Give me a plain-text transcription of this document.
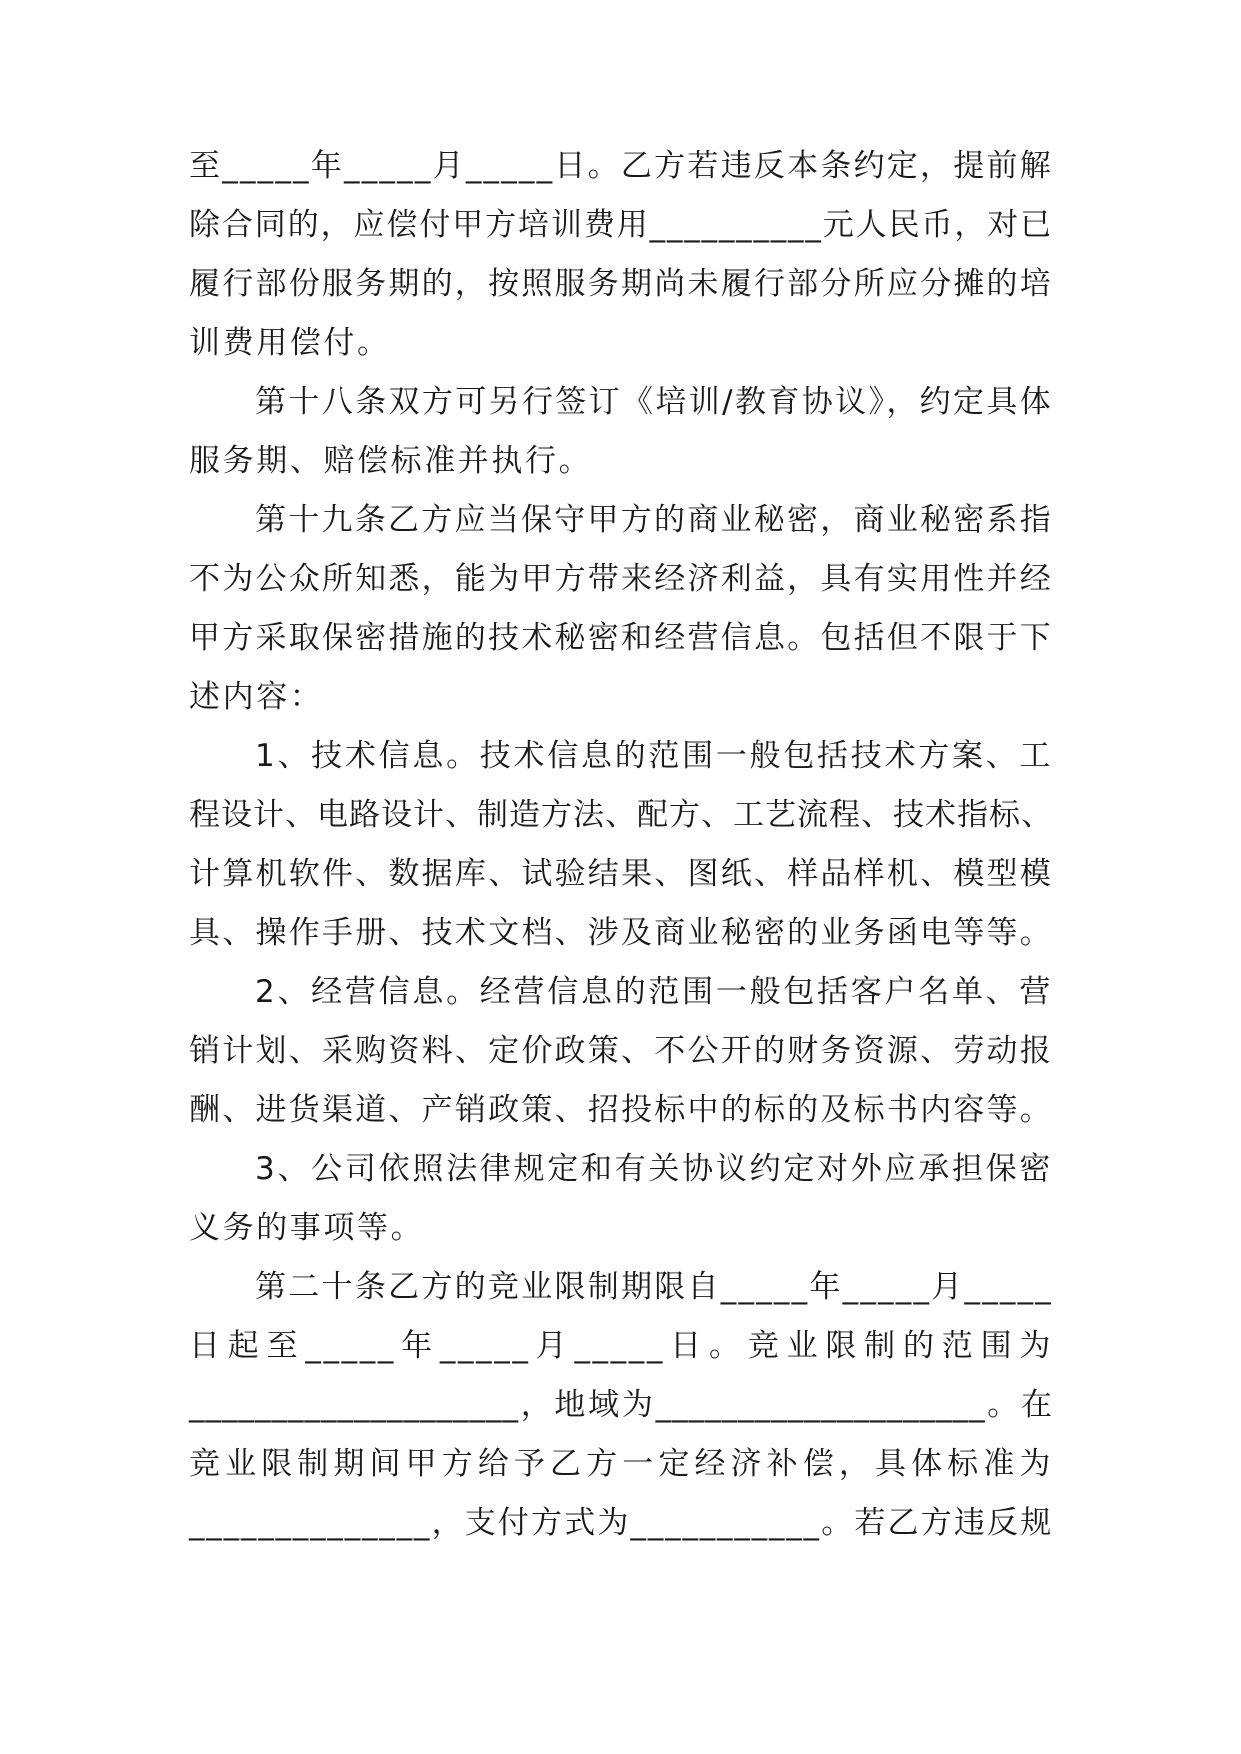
至_____年_____月_____日。乙方若违反本条约定，提前解
除合同的，应偿付甲方培训费用__________元人民币，对已
履行部份服务期的，按照服务期尚未履行部分所应分摊的培
训费用偿付。
第十八条双方可另行签订《培训/教育协议》，约定具体
服务期、赔偿标准并执行。
第十九条乙方应当保守甲方的商业秘密，商业秘密系指
不为公众所知悉，能为甲方带来经济利益，具有实用性并经
甲方采取保密措施的技术秘密和经营信息。包括但不限于下
述内容：
1、技术信息。技术信息的范围一般包括技术方案、工
程设计、电路设计、制造方法、配方、工艺流程、技术指标、
计算机软件、数据库、试验结果、图纸、样品样机、模型模
具、操作手册、技术文档、涉及商业秘密的业务函电等等。
2、经营信息。经营信息的范围一般包括客户名单、营
销计划、采购资料、定价政策、不公开的财务资源、劳动报
酬、进货渠道、产销政策、招投标中的标的及标书内容等。
3、公司依照法律规定和有关协议约定对外应承担保密
义务的事项等。
第二十条乙方的竞业限制期限自_____年_____月_____
日起至_____年_____月_____日。竞业限制的范围为
____________________，地域为____________________。在
竞业限制期间甲方给予乙方一定经济补偿，具体标准为
______________，支付方式为___________。若乙方违反规
